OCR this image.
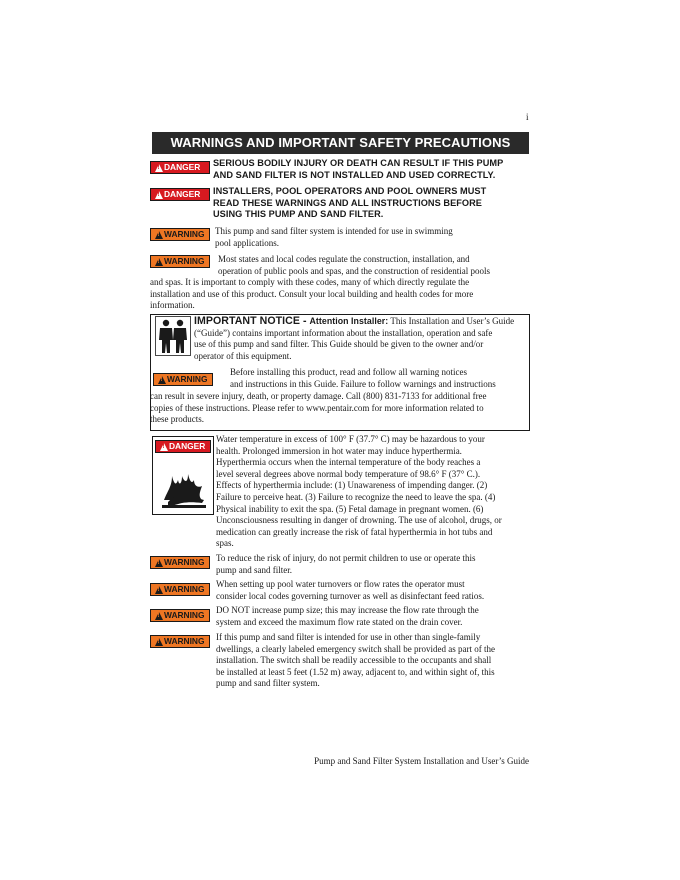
i
WARNINGS AND IMPORTANT SAFETY PRECAUTIONS
!
DANGER SERIOUS BODILY INJURY OR DEATH CAN RESULT IF THIS PUMP

AND SAND FILTER IS NOT INSTALLED AND USED CORRECTLY.

!
DANGER INSTALLERS, POOL OPERATORS AND POOL OWNERS MUST

READ THESE WARNINGS AND ALL INSTRUCTIONS BEFORE

USING THIS PUMP AND SAND FILTER.

!
WARNING This pump and sand filter system is intended for use in swimming

pool applications.

!
WARNING Most states and local codes regulate the construction, installation, and

operation of public pools and spas, and the construction of residential pools

and spas. It is important to comply with these codes, many of which directly regulate the

installation and use of this product. Consult your local building and health codes for more

information.

IMPORTANT NOTICE - Attention Installer: This Installation and User’s Guide

(“Guide”) contains important information about the installation, operation and safe

use of this pump and sand filter. This Guide should be given to the owner and/or

operator of this equipment.

!
WARNING

Before installing this product, read and follow all warning notices

and instructions in this Guide. Failure to follow warnings and instructions

can result in severe injury, death, or property damage. Call (800) 831-7133 for additional free

copies of these instructions. Please refer to www.pentair.com for more information related to

these products.

!
DANGER

Water temperature in excess of 100° F (37.7° C) may be hazardous to your

health. Prolonged immersion in hot water may induce hyperthermia.

Hyperthermia occurs when the internal temperature of the body reaches a

level several degrees above normal body temperature of 98.6° F (37° C.).

Effects of hyperthermia include: (1) Unawareness of impending danger. (2)

Failure to perceive heat. (3) Failure to recognize the need to leave the spa. (4)

Physical inability to exit the spa. (5) Fetal damage in pregnant women. (6)

Unconsciousness resulting in danger of drowning. The use of alcohol, drugs, or

medication can greatly increase the risk of fatal hyperthermia in hot tubs and

spas.

!
WARNING To reduce the risk of injury, do not permit children to use or operate this

pump and sand filter.

!
WARNING When setting up pool water turnovers or flow rates the operator must

consider local codes governing turnover as well as disinfectant feed ratios.

!
WARNING DO NOT increase pump size; this may increase the flow rate through the

system and exceed the maximum flow rate stated on the drain cover.

!
WARNING If this pump and sand filter is intended for use in other than single-family

dwellings, a clearly labeled emergency switch shall be provided as part of the

installation. The switch shall be readily accessible to the occupants and shall

be installed at least 5 feet (1.52 m) away, adjacent to, and within sight of, this

pump and sand filter system.

Pump and Sand Filter System Installation and User’s Guide
